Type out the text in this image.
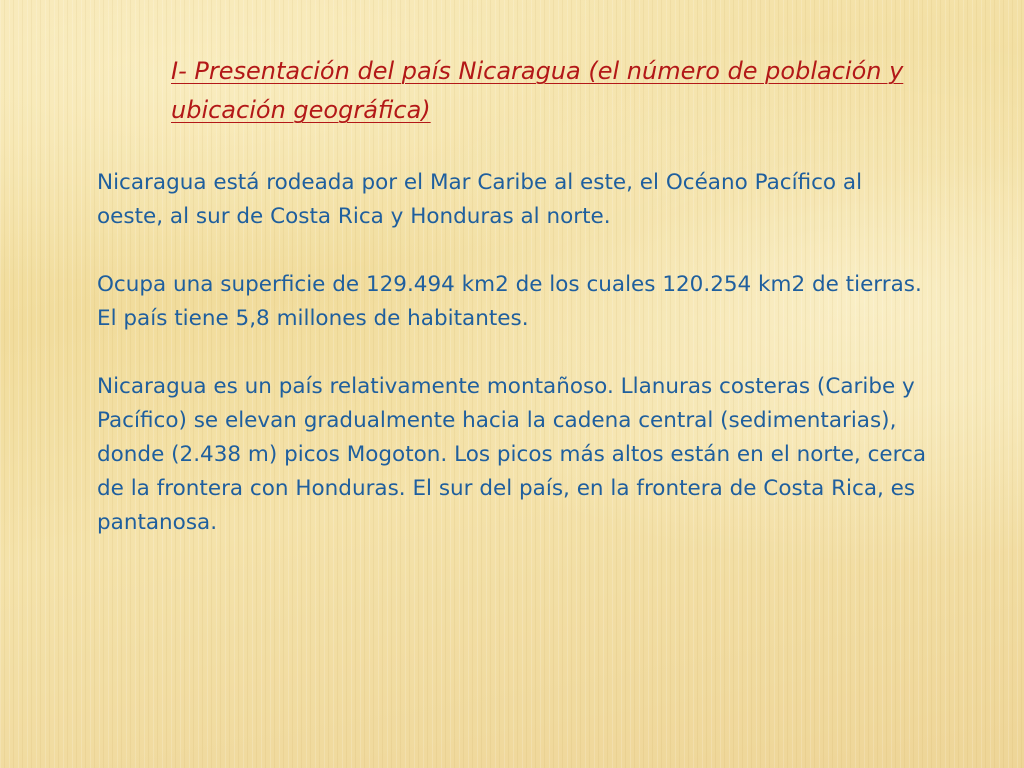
I- Presentación del país Nicaragua (el número de población y ubicación geográfica)

Nicaragua está rodeada por el Mar Caribe al este, el Océano Pacífico al oeste, al sur de Costa Rica y Honduras al norte.

Ocupa una superficie de 129.494 km2 de los cuales 120.254 km2 de tierras. El país tiene 5,8 millones de habitantes.

Nicaragua es un país relativamente montañoso. Llanuras costeras (Caribe y Pacífico) se elevan gradualmente hacia la cadena central (sedimentarias), donde (2.438 m) picos Mogoton. Los picos más altos están en el norte, cerca de la frontera con Honduras. El sur del país, en la frontera de Costa Rica, es pantanosa.
